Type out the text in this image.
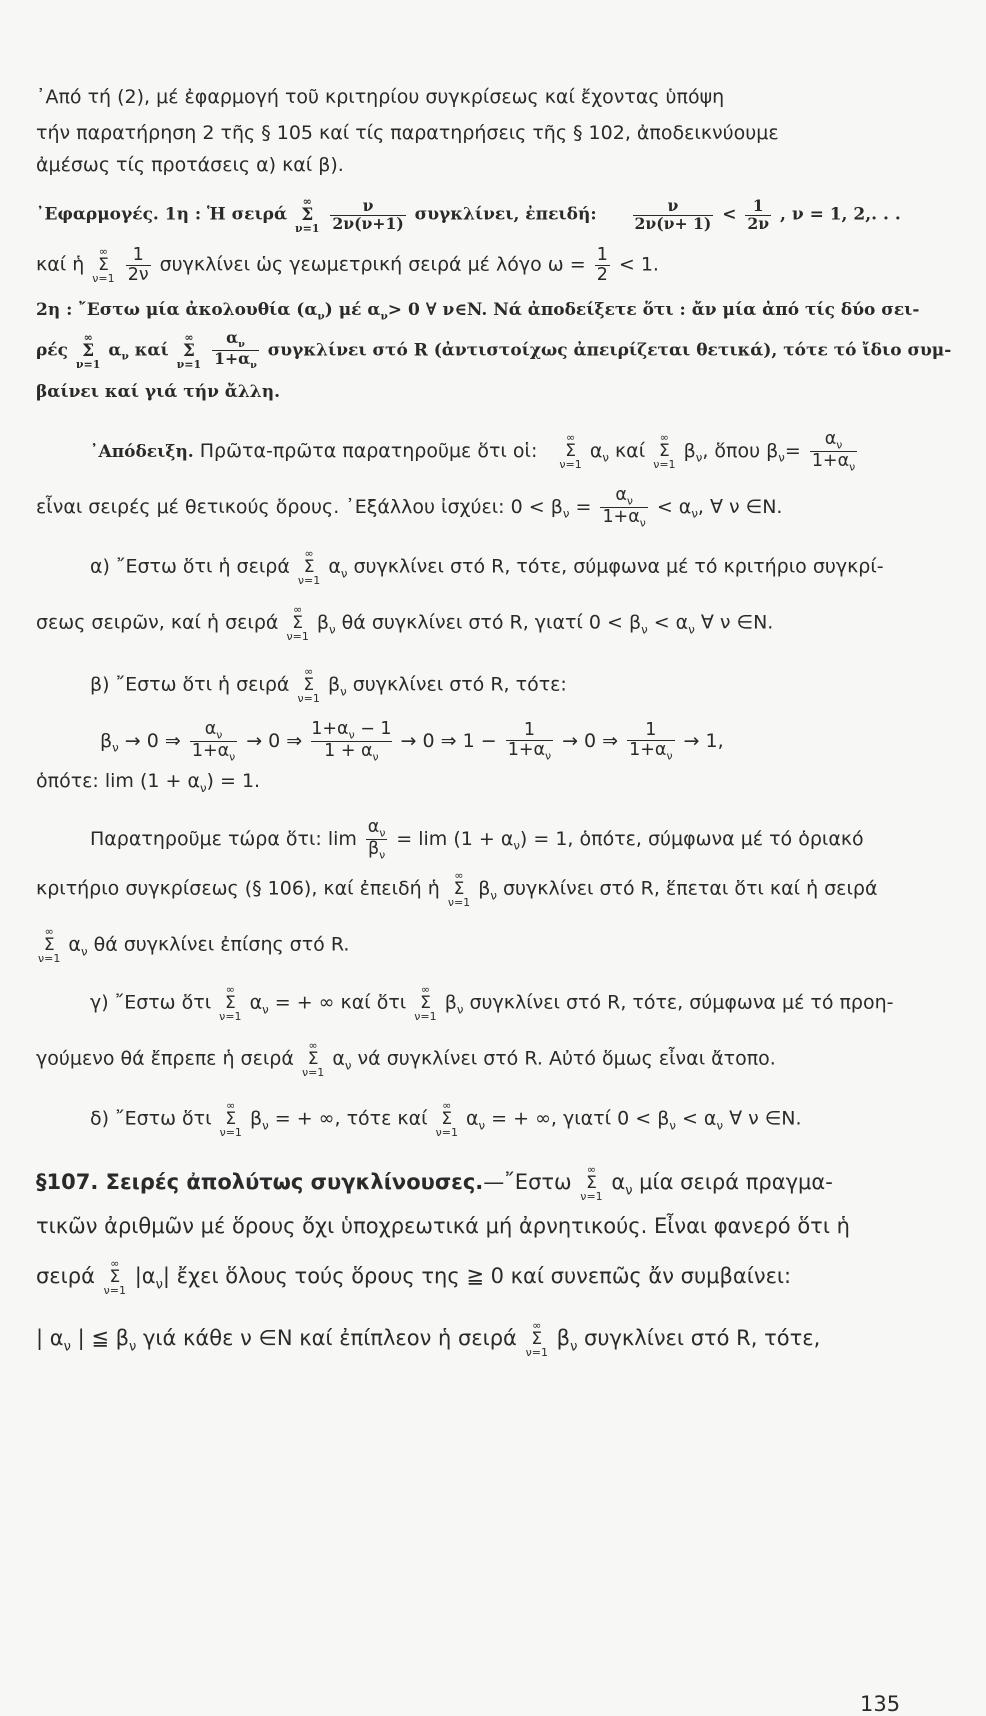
᾿Από τή (2), μέ ἐφαρμογή τοῦ κριτηρίου συγκρίσεως καί ἔχοντας ὑπόψη
τήν παρατήρηση 2 τῆς § 105 καί τίς παρατηρήσεις τῆς § 102, ἀποδεικνύουμε
ἀμέσως τίς προτάσεις α) καί β).
᾿Εφαρμογές. 1η : Ἡ σειρά
∞
Σ
ν=1
$\frac{\nu}{2\nu(\nu+1)} \sigma\upsilon\gamma\kappa\lambda ί\nu\varepsilon\iota$, ἐπειδή: $\frac{\nu}{2\nu(\nu+ 1)} < \frac{1}{2\nu}$ , ν = 1, 2,. . .
καί ἡ
∞
Σ
ν=1
$\frac{1}{2\nu}$ συγκλίνει ὡς γεωμετρική σειρά μέ λόγο $\omega = \frac{1}{2} < 1$.
2η : ῎Εστω μία ἀκολουθία $(\alpha_\nu)$ μέ $\alpha_\nu> 0$ ∀ ν∈N. Νά ἀποδείξετε ὅτι : ἄν μία ἀπό τίς δύο σει-
ρές
∞
Σ
ν=1
$\alpha_\nu$ καί
∞
Σ
ν=1
$\frac{\alpha_\nu}{1+\alpha_\nu}$ συγκλίνει στό R (ἀντιστοίχως ἀπειρίζεται θετικά), τότε τό ἴδιο συμ-
βαίνει καί γιά τήν ἄλλη.
᾿Απόδειξη. Πρῶτα-πρῶτα παρατηροῦμε ὅτι οἱ:
∞
Σ
ν=1
$\alpha_\nu$ καί
∞
Σ
ν=1
$\beta_\nu$, ὅπου $\beta_\nu= \frac{\alpha_\nu}{1+\alpha_\nu}$
εἶναι σειρές μέ θετικούς ὅρους. ᾿Εξάλλου ἰσχύει: $0 < \beta_\nu = \frac{\alpha_\nu}{1+\alpha_\nu} < \alpha_\nu$, ∀ ν ∈N.
α) ῎Εστω ὅτι ἡ σειρά
∞
Σ
ν=1
$\alpha_\nu$ συγκλίνει στό R, τότε, σύμφωνα μέ τό κριτήριο συγκρί-
σεως σειρῶν, καί ἡ σειρά
∞
Σ
ν=1
$\beta_\nu$ θά συγκλίνει στό R, γιατί $0 < \beta_\nu < \alpha_\nu$ ∀ ν ∈N.
β) ῎Εστω ὅτι ἡ σειρά
∞
Σ
ν=1
$\beta_\nu$ συγκλίνει στό R, τότε:
$\beta_\nu \to 0$ ⇒ $\frac{\alpha_\nu}{1+\alpha_\nu} \to 0$ ⇒ $\frac{1+\alpha_\nu - 1}{1 + \alpha_\nu} \to 0$ ⇒ $1 - \frac{1}{1+\alpha_\nu} \to 0$ ⇒ $\frac{1}{1+\alpha_\nu} \to 1$,
ὁπότε: $\lim (1 + \alpha_\nu) = 1$.
Παρατηροῦμε τώρα ὅτι: $\lim \frac{\alpha_\nu}{\beta_\nu} = \lim (1 + \alpha_\nu) = 1$, ὁπότε, σύμφωνα μέ τό ὁριακό
κριτήριο συγκρίσεως (§ 106), καί ἐπειδή ἡ
∞
Σ
ν=1
$\beta_\nu$ συγκλίνει στό R, ἕπεται ὅτι καί ἡ σειρά
∞
Σ
ν=1
$\alpha_\nu$ θά συγκλίνει ἐπίσης στό R.
γ) ῎Εστω ὅτι
∞
Σ
ν=1
$\alpha_\nu$ = + ∞ καί ὅτι
∞
Σ
ν=1
$\beta_\nu$ συγκλίνει στό R, τότε, σύμφωνα μέ τό προη-
γούμενο θά ἔπρεπε ἡ σειρά
∞
Σ
ν=1
$\alpha_\nu$ νά συγκλίνει στό R. Αὐτό ὅμως εἶναι ἄτοπο.
δ) ῎Εστω ὅτι
∞
Σ
ν=1
$\beta_\nu$ = + ∞, τότε καί
∞
Σ
ν=1
$\alpha_\nu$ = + ∞, γιατί $0 < \beta_\nu < \alpha_\nu$ ∀ ν ∈N.
§107. Σειρές ἀπολύτως συγκλίνουσες.—῎Εστω
∞
Σ
ν=1
$\alpha_\nu$ μία σειρά πραγμα-
τικῶν ἀριθμῶν μέ ὅρους ὄχι ὑποχρεωτικά μή ἀρνητικούς. Εἶναι φανερό ὅτι ἡ
σειρά
∞
Σ
ν=1
$|\alpha_\nu|$ ἔχει ὅλους τούς ὅρους της ≧ 0 καί συνεπῶς ἄν συμβαίνει:
| $\alpha_\nu$ | ≦ $\beta_\nu$ γιά κάθε ν ∈N καί ἐπίπλεον ἡ σειρά
∞
Σ
ν=1
$\beta_\nu$ συγκλίνει στό R, τότε,
135
